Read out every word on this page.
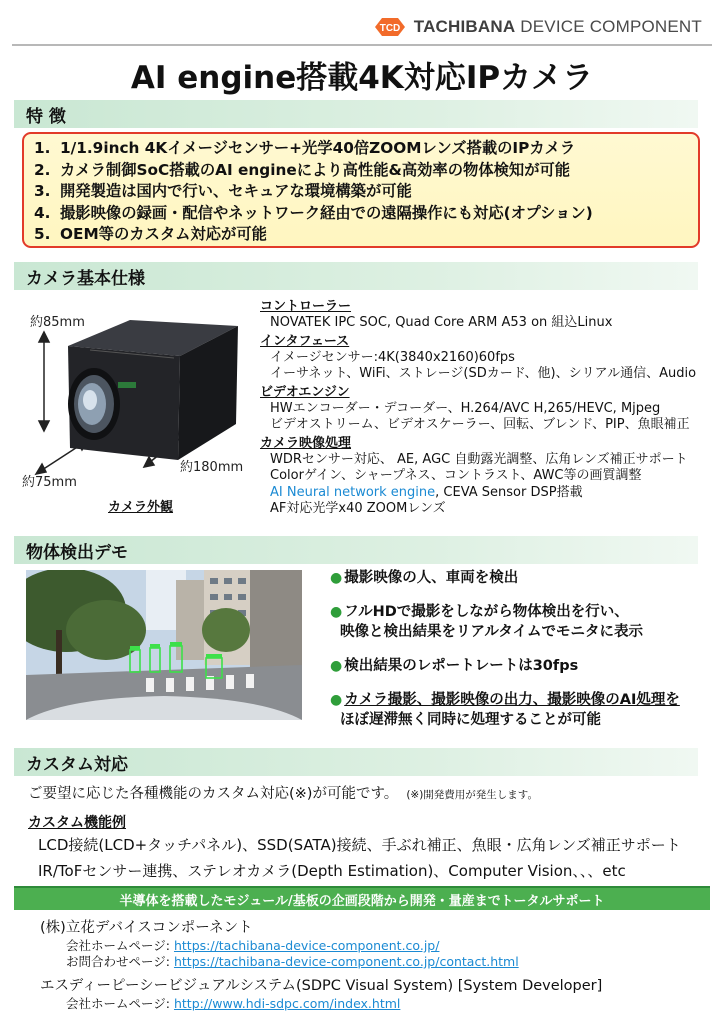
TCD TACHIBANA DEVICE COMPONENT
AI engine搭載4K対応IPカメラ
特 徴
1. 1/1.9inch 4Kイメージセンサー+光学40倍ZOOMレンズ搭載のIPカメラ
2. カメラ制御SoC搭載のAI engineにより高性能&高効率の物体検知が可能
3. 開発製造は国内で行い、セキュアな環境構築が可能
4. 撮影映像の録画・配信やネットワーク経由での遠隔操作にも対応(オプション)
5. OEM等のカスタム対応が可能
カメラ基本仕様
約85mm
約75mm
約180mm
カメラ外観
コントローラー
NOVATEK IPC SOC, Quad Core ARM A53 on 組込Linux
インタフェース
イメージセンサー:4K(3840x2160)60fps
イーサネット、WiFi、ストレージ(SDカード、他)、シリアル通信、Audio
ビデオエンジン
HWエンコーダー・デコーダー、H.264/AVC H,265/HEVC, Mjpeg
ビデオストリーム、ビデオスケーラー、回転、ブレンド、PIP、魚眼補正
カメラ映像処理
WDRセンサー対応、 AE, AGC 自動露光調整、広角レンズ補正サポート
Colorゲイン、シャープネス、コントラスト、AWC等の画質調整
AI Neural network engine, CEVA Sensor DSP搭載
AF対応光学x40 ZOOMレンズ
物体検出デモ
● 撮影映像の人、車両を検出
● フルHDで撮影をしながら物体検出を行い、
映像と検出結果をリアルタイムでモニタに表示
● 検出結果のレポートレートは30fps
● カメラ撮影、撮影映像の出力、撮影映像のAI処理を
ほぼ遅滞無く同時に処理することが可能
カスタム対応
ご要望に応じた各種機能のカスタム対応(※)が可能です。 (※)開発費用が発生します。
カスタム機能例
LCD接続(LCD+タッチパネル)、SSD(SATA)接続、手ぶれ補正、魚眼・広角レンズ補正サポート
IR/ToFセンサー連携、ステレオカメラ(Depth Estimation)、Computer Vision、、、etc
半導体を搭載したモジュール/基板の企画段階から開発・量産までトータルサポート
(株)立花デバイスコンポーネント
会社ホームページ: https://tachibana-device-component.co.jp/
お問合わせページ: https://tachibana-device-component.co.jp/contact.html
エスディーピーシービジュアルシステム(SDPC Visual System) [System Developer]
会社ホームページ: http://www.hdi-sdpc.com/index.html
